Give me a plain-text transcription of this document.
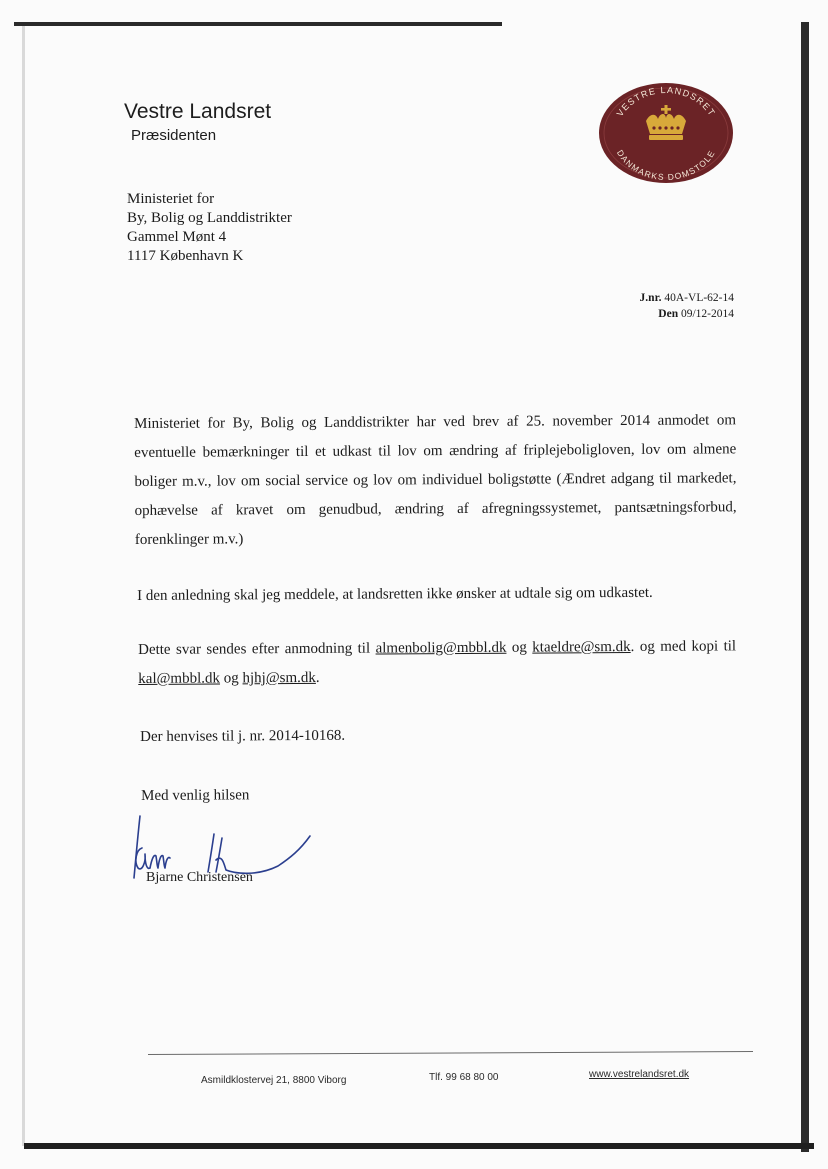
Vestre Landsret
Præsidenten
VESTRE LANDSRET
DANMARKS DOMSTOLE
Ministeriet for
By, Bolig og Landdistrikter
Gammel Mønt 4
1117 København K
J.nr. 40A-VL-62-14
Den 09/12-2014
Ministeriet for By, Bolig og Landdistrikter har ved brev af 25. november 2014 anmodet om eventuelle bemærkninger til et udkast til lov om ændring af friplejeboligloven, lov om almene boliger m.v., lov om social service og lov om individuel boligstøtte (Ændret adgang til markedet, ophævelse af kravet om genudbud, ændring af afregningssystemet, pantsætningsforbud, forenklinger m.v.)
I den anledning skal jeg meddele, at landsretten ikke ønsker at udtale sig om udkastet.
Dette svar sendes efter anmodning til almenbolig@mbbl.dk og ktaeldre@sm.dk. og med kopi til kal@mbbl.dk og hjhj@sm.dk.
Der henvises til j. nr. 2014-10168.
Med venlig hilsen
Bjarne Christensen
Asmildklostervej 21, 8800 Viborg	Tlf. 99 68 80 00	www.vestrelandsret.dk
